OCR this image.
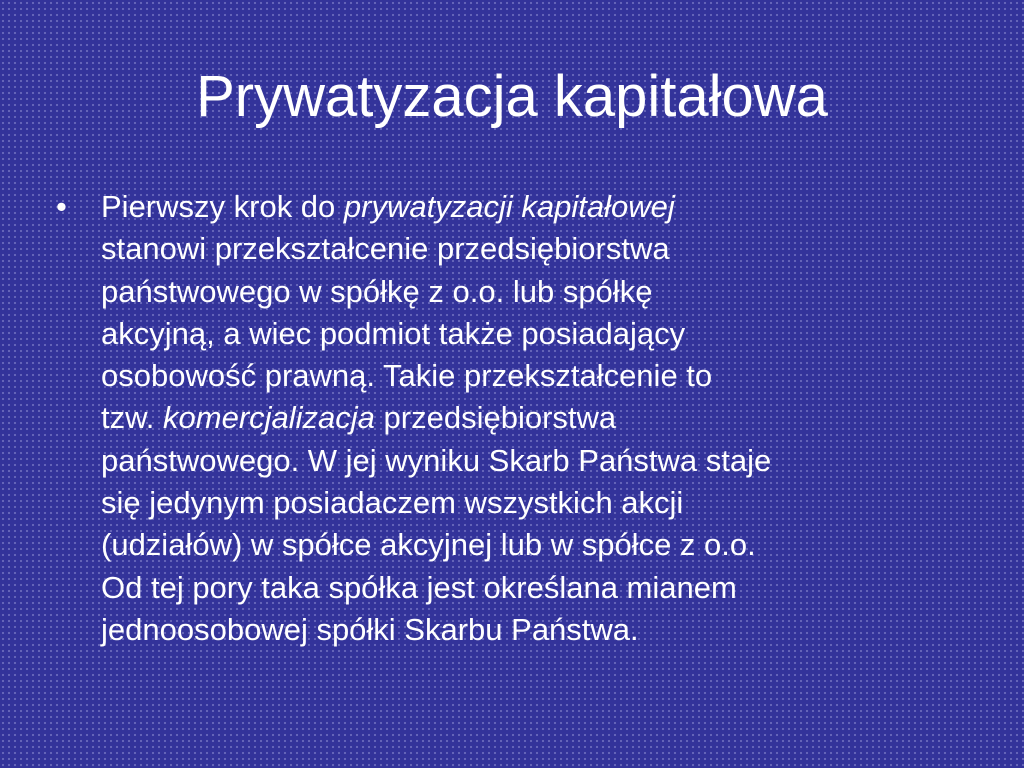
Prywatyzacja kapitałowa
•	Pierwszy krok do prywatyzacji kapitałowej
stanowi przekształcenie przedsiębiorstwa
państwowego w spółkę z o.o. lub spółkę
akcyjną, a wiec podmiot także posiadający
osobowość prawną. Takie przekształcenie to
tzw. komercjalizacja przedsiębiorstwa
państwowego. W jej wyniku Skarb Państwa staje
się jedynym posiadaczem wszystkich akcji
(udziałów) w spółce akcyjnej lub w spółce z o.o.
Od tej pory taka spółka jest określana mianem
jednoosobowej spółki Skarbu Państwa.
